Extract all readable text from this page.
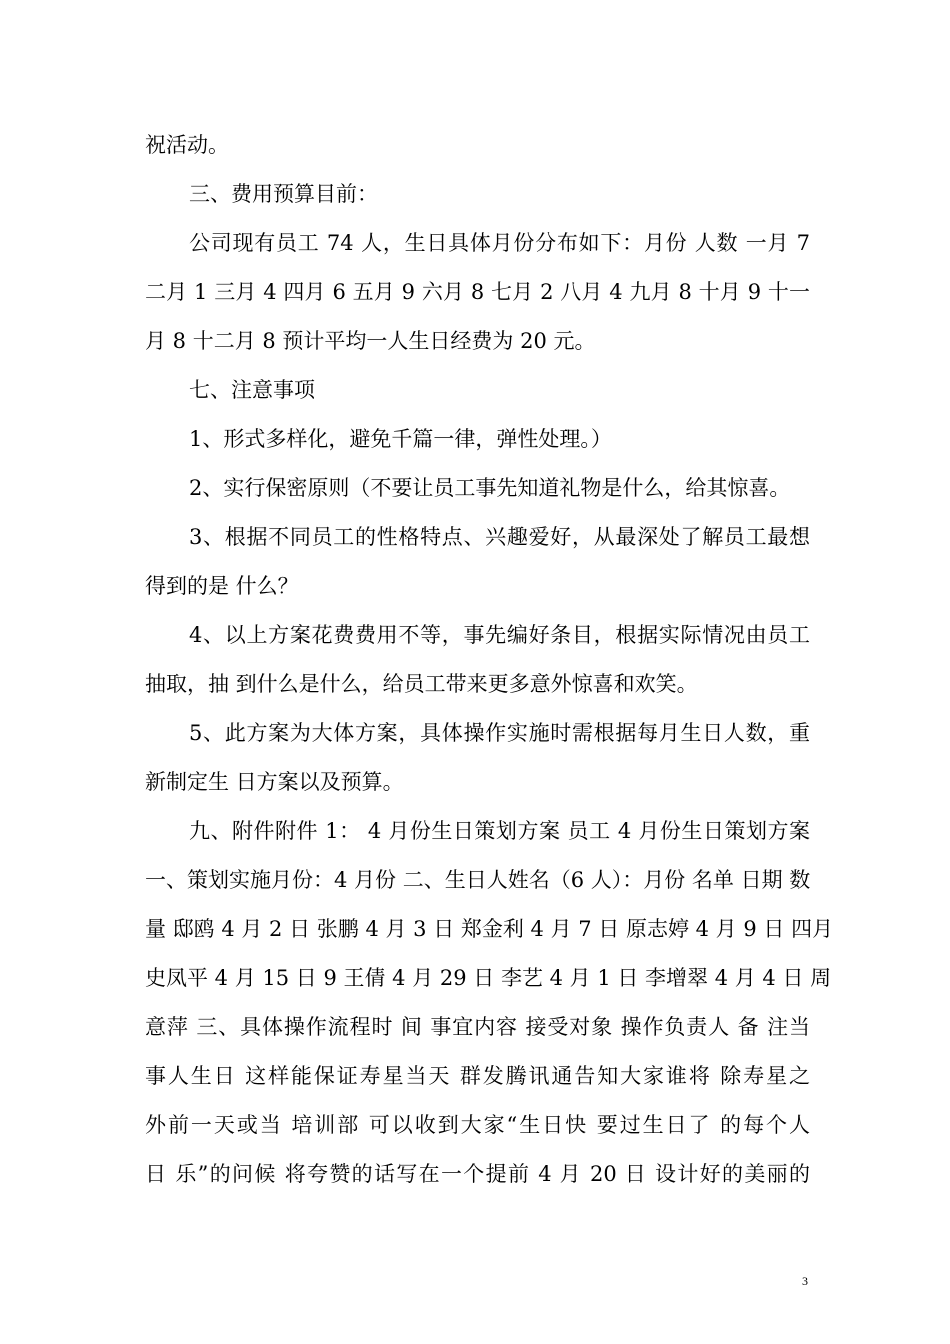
祝活动。
三、费用预算目前：
公司现有员工 74 人，生日具体月份分布如下：月份 人数 一月 7
二月 1 三月 4 四月 6 五月 9 六月 8 七月 2 八月 4 九月 8 十月 9 十一
月 8 十二月 8 预计平均一人生日经费为 20 元。
七、注意事项
1、形式多样化，避免千篇一律，弹性处理。）
2、实行保密原则（不要让员工事先知道礼物是什么，给其惊喜。
3、根据不同员工的性格特点、兴趣爱好，从最深处了解员工最想
得到的是 什么？
4、以上方案花费费用不等，事先编好条目，根据实际情况由员工
抽取，抽 到什么是什么，给员工带来更多意外惊喜和欢笑。
5、此方案为大体方案，具体操作实施时需根据每月生日人数，重
新制定生 日方案以及预算。
九、附件附件 1： 4 月份生日策划方案 员工 4 月份生日策划方案
一、策划实施月份：4 月份 二、生日人姓名（6 人）：月份 名单 日期 数
量 邸鸥 4 月 2 日 张鹏 4 月 3 日 郑金利 4 月 7 日 原志婷 4 月 9 日 四月
史凤平 4 月 15 日 9 王倩 4 月 29 日 李艺 4 月 1 日 李增翠 4 月 4 日 周
意萍 三、具体操作流程时 间 事宜内容 接受对象 操作负责人 备 注当
事人生日 这样能保证寿星当天 群发腾讯通告知大家谁将 除寿星之
外前一天或当 培训部 可以收到大家“生日快 要过生日了 的每个人
日 乐”的问候 将夸赞的话写在一个提前 4 月 20 日 设计好的美丽的
3
